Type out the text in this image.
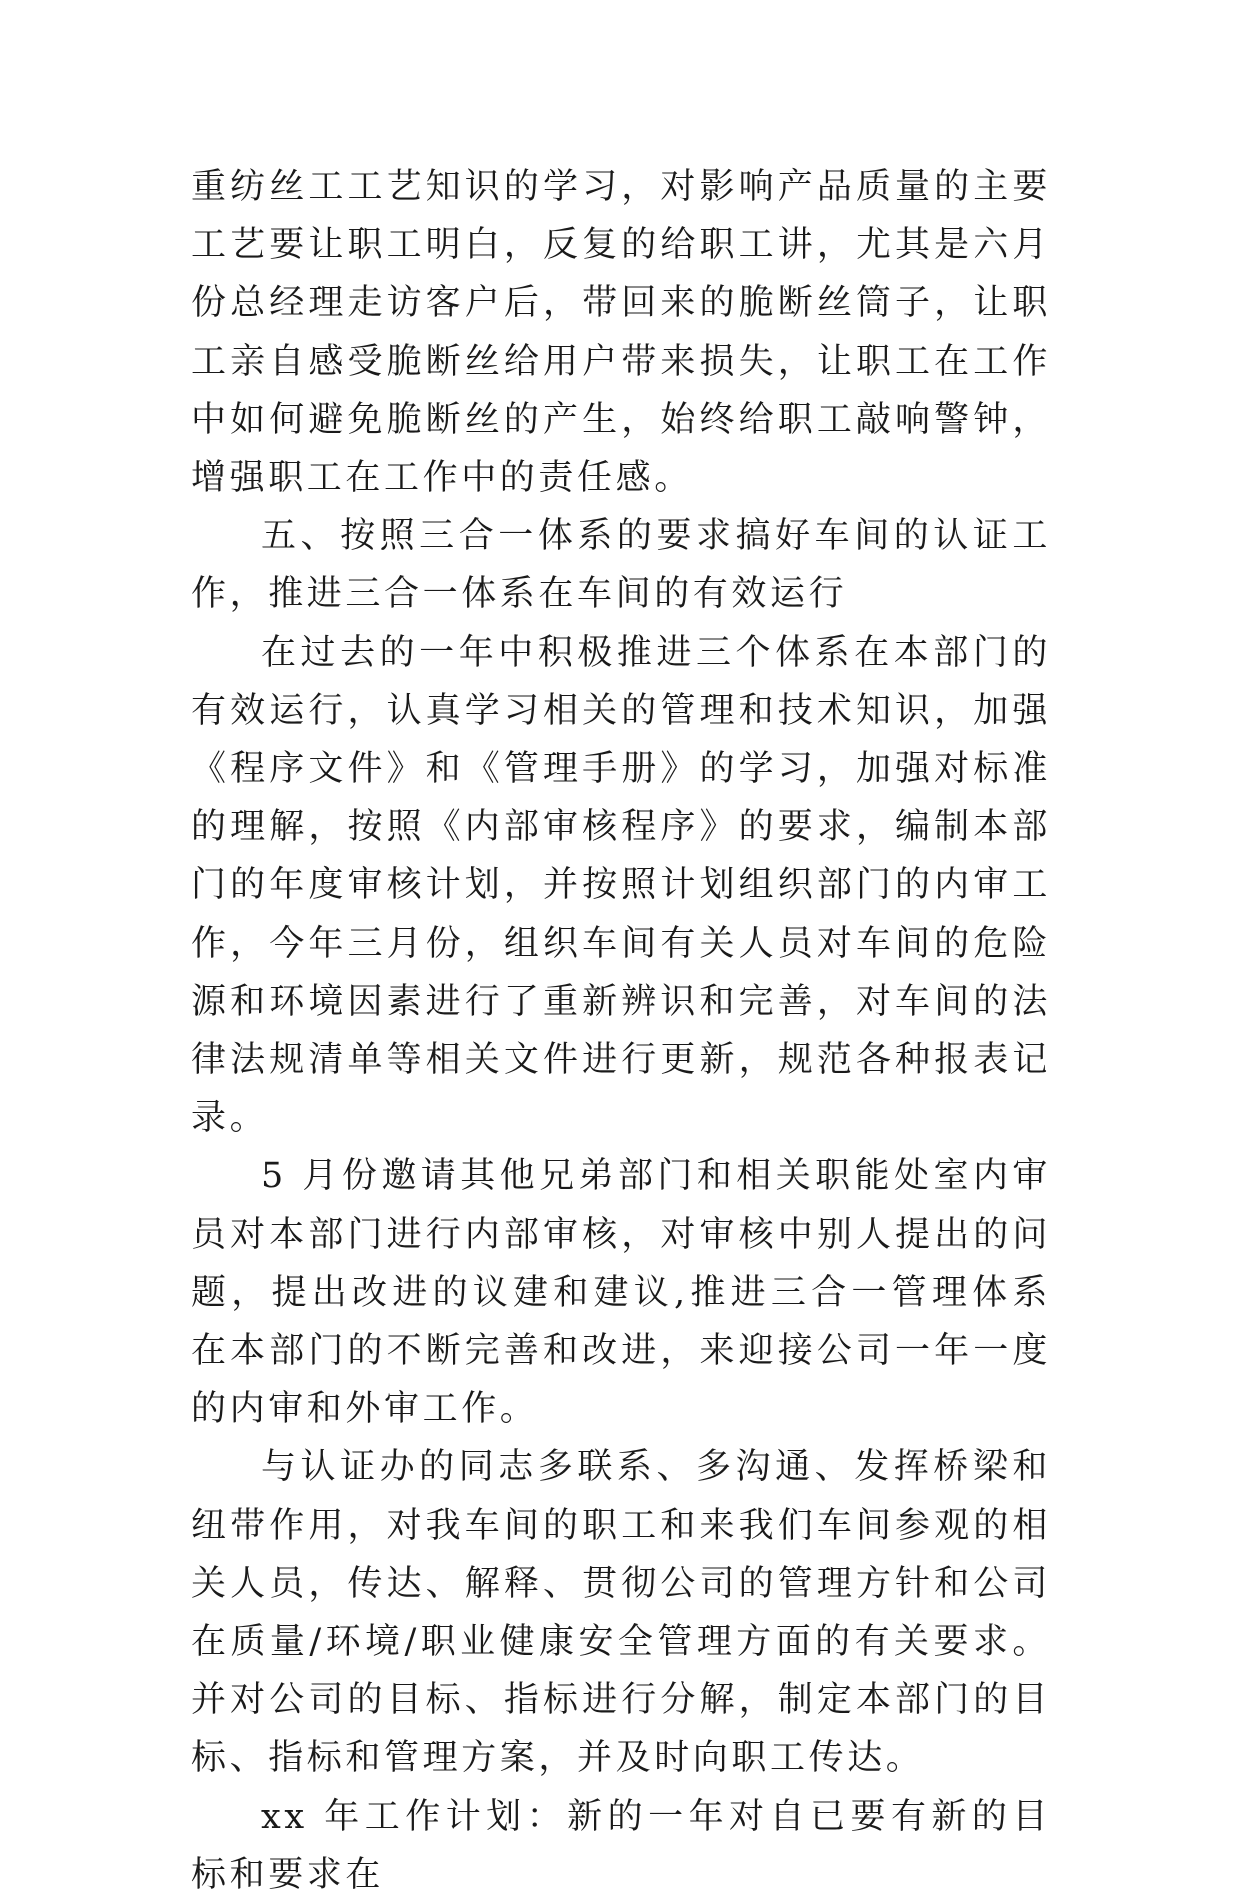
重纺丝工工艺知识的学习，对影响产品质量的主要工艺要让职工明白，反复的给职工讲，尤其是六月份总经理走访客户后，带回来的脆断丝筒子，让职工亲自感受脆断丝给用户带来损失，让职工在工作中如何避免脆断丝的产生，始终给职工敲响警钟，增强职工在工作中的责任感。

五、按照三合一体系的要求搞好车间的认证工作，推进三合一体系在车间的有效运行

在过去的一年中积极推进三个体系在本部门的有效运行，认真学习相关的管理和技术知识，加强《程序文件》和《管理手册》的学习，加强对标准的理解，按照《内部审核程序》的要求，编制本部门的年度审核计划，并按照计划组织部门的内审工作，今年三月份，组织车间有关人员对车间的危险源和环境因素进行了重新辨识和完善，对车间的法律法规清单等相关文件进行更新，规范各种报表记录。

5 月份邀请其他兄弟部门和相关职能处室内审员对本部门进行内部审核，对审核中别人提出的问题，提出改进的议建和建议,推进三合一管理体系在本部门的不断完善和改进，来迎接公司一年一度的内审和外审工作。

与认证办的同志多联系、多沟通、发挥桥梁和纽带作用，对我车间的职工和来我们车间参观的相关人员，传达、解释、贯彻公司的管理方针和公司在质量/环境/职业健康安全管理方面的有关要求。并对公司的目标、指标进行分解，制定本部门的目标、指标和管理方案，并及时向职工传达。

xx 年工作计划：新的一年对自已要有新的目标和要求在
